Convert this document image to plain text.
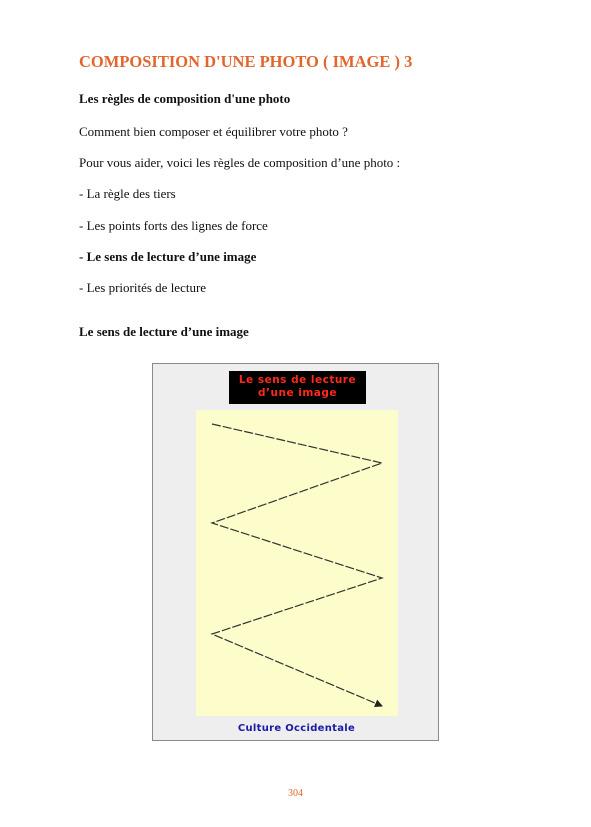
COMPOSITION D'UNE PHOTO ( IMAGE ) 3
Les règles de composition d'une photo
Comment bien composer et équilibrer votre photo ?
Pour vous aider, voici les règles de composition d’une photo :
- La règle des tiers
- Les points forts des lignes de force
- Le sens de lecture d’une image
- Les priorités de lecture
Le sens de lecture d’une image
Le sens de lecture
d’une image
Culture Occidentale
304
